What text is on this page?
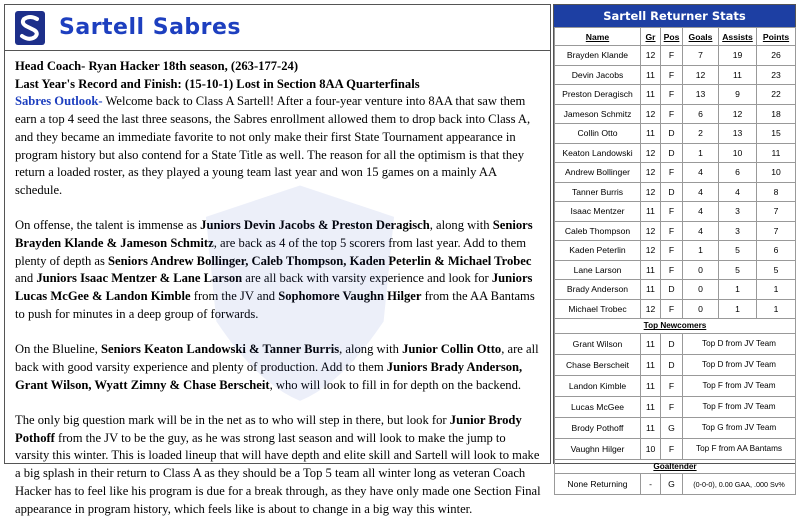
Sartell Sabres

Head Coach- Ryan Hacker 18th season, (263-177-24)

Last Year's Record and Finish: (15-10-1) Lost in Section 8AA Quarterfinals

Sabres Outlook- Welcome back to Class A Sartell! After a four-year venture into 8AA that saw them earn a top 4 seed the last three seasons, the Sabres enrollment allowed them to drop back into Class A, and they became an immediate favorite to not only make their first State Tournament appearance in program history but also contend for a State Title as well. The reason for all the optimism is that they return a loaded roster, as they played a young team last year and won 15 games on a mainly AA schedule.

On offense, the talent is immense as Juniors Devin Jacobs & Preston Deragisch, along with Seniors Brayden Klande & Jameson Schmitz, are back as 4 of the top 5 scorers from last year. Add to them plenty of depth as Seniors Andrew Bollinger, Caleb Thompson, Kaden Peterlin & Michael Trobec and Juniors Isaac Mentzer & Lane Larson are all back with varsity experience and look for Juniors Lucas McGee & Landon Kimble from the JV and Sophomore Vaughn Hilger from the AA Bantams to push for minutes in a deep group of forwards.

On the Blueline, Seniors Keaton Landowski & Tanner Burris, along with Junior Collin Otto, are all back with good varsity experience and plenty of production. Add to them Juniors Brady Anderson, Grant Wilson, Wyatt Zimny & Chase Berscheit, who will look to fill in for depth on the backend.

The only big question mark will be in the net as to who will step in there, but look for Junior Brody Pothoff from the JV to be the guy, as he was strong last season and will look to make the jump to varsity this winter. This is loaded lineup that will have depth and elite skill and Sartell will look to make a big splash in their return to Class A as they should be a Top 5 team all winter long as veteran Coach Hacker has to feel like his program is due for a break through, as they have only made one Section Final appearance in program history, which feels like is about to change in a big way this winter.

Sartell Returner Stats
Name	Gr	Pos	Goals	Assists	Points
Brayden Klande	12	F	7	19	26
Devin Jacobs	11	F	12	11	23
Preston Deragisch	11	F	13	9	22
Jameson Schmitz	12	F	6	12	18
Collin Otto	11	D	2	13	15
Keaton Landowski	12	D	1	10	11
Andrew Bollinger	12	F	4	6	10
Tanner Burris	12	D	4	4	8
Isaac Mentzer	11	F	4	3	7
Caleb Thompson	12	F	4	3	7
Kaden Peterlin	12	F	1	5	6
Lane Larson	11	F	0	5	5
Brady Anderson	11	D	0	1	1
Michael Trobec	12	F	0	1	1
Top Newcomers					
Grant Wilson	11	D	Top D from JV Team		
Chase Berscheit	11	D	Top D from JV Team		
Landon Kimble	11	F	Top F from JV Team		
Lucas McGee	11	F	Top F from JV Team		
Brody Pothoff	11	G	Top G from JV Team		
Vaughn Hilger	10	F	Top F from AA Bantams		
Goaltender					
None Returning	-	G	(0-0-0), 0.00 GAA, .000 Sv%		
